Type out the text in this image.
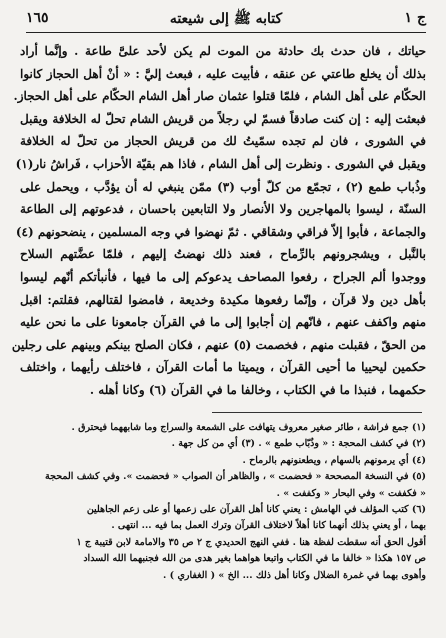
ج ١
كتابه ﷺ إلى شيعته
١٦٥
حياتك ، فان حدث بك حادثة من الموت لم يكن لأحد علىَّ طاعة . وإنَّما أراد
بذلك أن يخلع طاعتي عن عنقه ، فأبيت عليه ، فبعث إليَّ : « أنْ أهل الحجاز كانوا
الحكّام على أهل الشام ، فلمّا قتلوا عثمان صار أهل الشام الحكّام على أهل الحجاز.
فبعثت إليه : إن كنت صادقاً فسمّ لي رجلاً من قريش الشام تحلّ له الخلافة ويقبل
في الشورى ، فان لم تجده سمّيتُ لك من قريش الحجاز من تحلّ له الخلافة
ويقبل في الشورى . ونظرت إلى أهل الشام ، فاذا هم بقيّة الأحزاب ، فَراشُ نار(١)
وذُباب طمع (٢) ، تجمّع من كلّ أوب (٣) ممّن ينبغي له أن يؤدَّب ، ويحمل على
السنّة ، ليسوا بالمهاجرين ولا الأنصار ولا التابعين باحسان ، فدعوتهم إلى الطاعة
والجماعة ، فأبوا إلاّ فراقي وشقاقي . ثمّ نهضوا في وجه المسلمين ، ينضحونهم (٤)
بالنَّبل ، ويشجرونهم بالرِّماح ، فعند ذلك نهضتُ إليهم ، فلمّا عضَّتهم السلاح
ووجدوا ألم الجراح ، رفعوا المصاحف يدعوكم إلى ما فيها ، فأنبأتكم أنّهم ليسوا
بأهل دين ولا قرآن ، وإنّما رفعوها مكيدة وخديعة ، فامضوا لقتالهم، فقلتم: اقبل
منهم واكفف عنهم ، فانّهم إن أجابوا إلى ما في القرآن جامعونا على ما نحن عليه
من الحقّ ، فقبلت منهم ، فخصمت (٥) عنهم ، فكان الصلح بينكم وبينهم على رجلين
حكمين ليحييا ما أحيى القرآن ، ويميتا ما أمات القرآن ، فاختلف رأيهما ، واختلف
حكمهما ، فنبذا ما في الكتاب ، وخالفا ما في القرآن (٦) وكانا أهله .
(١) جمع فراشة ، طائر صغير معروف يتهافت على الشمعة والسراج وما شابههما فيحترق .
(٢) في كشف المحجة : « وذُبّاب طمع » . (٣) أي من كل جهة .
(٤) أي يرمونهم بالسهام ، ويطعنونهم بالرماح .
(٥) في النسخة المصححة « فحضمت » ، والظاهر أن الصواب « فحضمت ». وفي كشف المحجة
« فكففت » وفي البحار « وكففت » .
(٦) كتب المؤلف في الهامش : يعني كانا أهل القرآن على زعمها أو على زعم الجاهلين
بهما ، أو يعني بذلك أنهما كانا أهلاً لاختلاف القرآن وترك العمل بما فيه ... انتهى .
أقول الحق أنه سقطت لفظة هنا . ففي النهج الحديدي ج ٢ ص ٣٥ والامامة لابن قتيبة ج ١
ص ١٥٧ هكذا « خالفا ما في الكتاب واتبعا هواهما بغير هدى من الله فجنبهما الله السداد
وأهوى بهما في غمرة الضلال وكانا أهل ذلك ... الخ » ( الغفاري ) .
